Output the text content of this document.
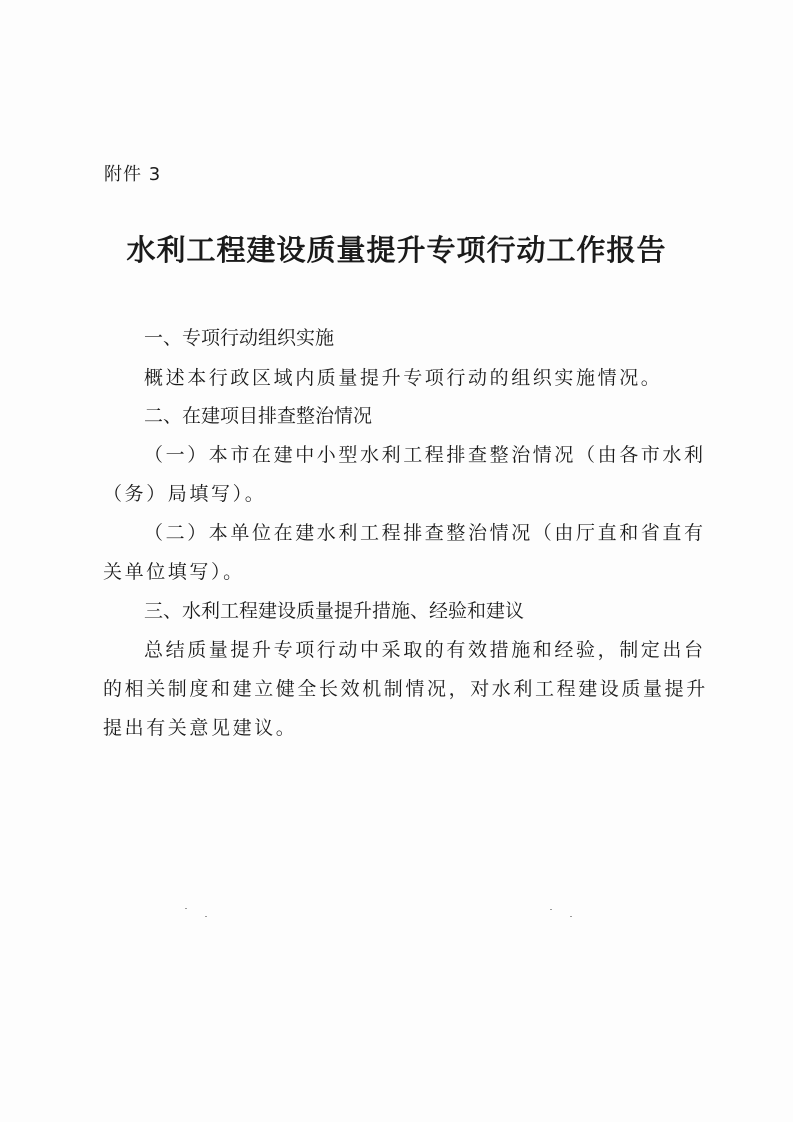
附件 3
水利工程建设质量提升专项行动工作报告
一、专项行动组织实施
概述本行政区域内质量提升专项行动的组织实施情况。
二、在建项目排查整治情况
（一）本市在建中小型水利工程排查整治情况（由各市水利
（务）局填写）。
（二）本单位在建水利工程排查整治情况（由厅直和省直有
关单位填写）。
三、水利工程建设质量提升措施、经验和建议
总结质量提升专项行动中采取的有效措施和经验，制定出台
的相关制度和建立健全长效机制情况，对水利工程建设质量提升
提出有关意见建议。
